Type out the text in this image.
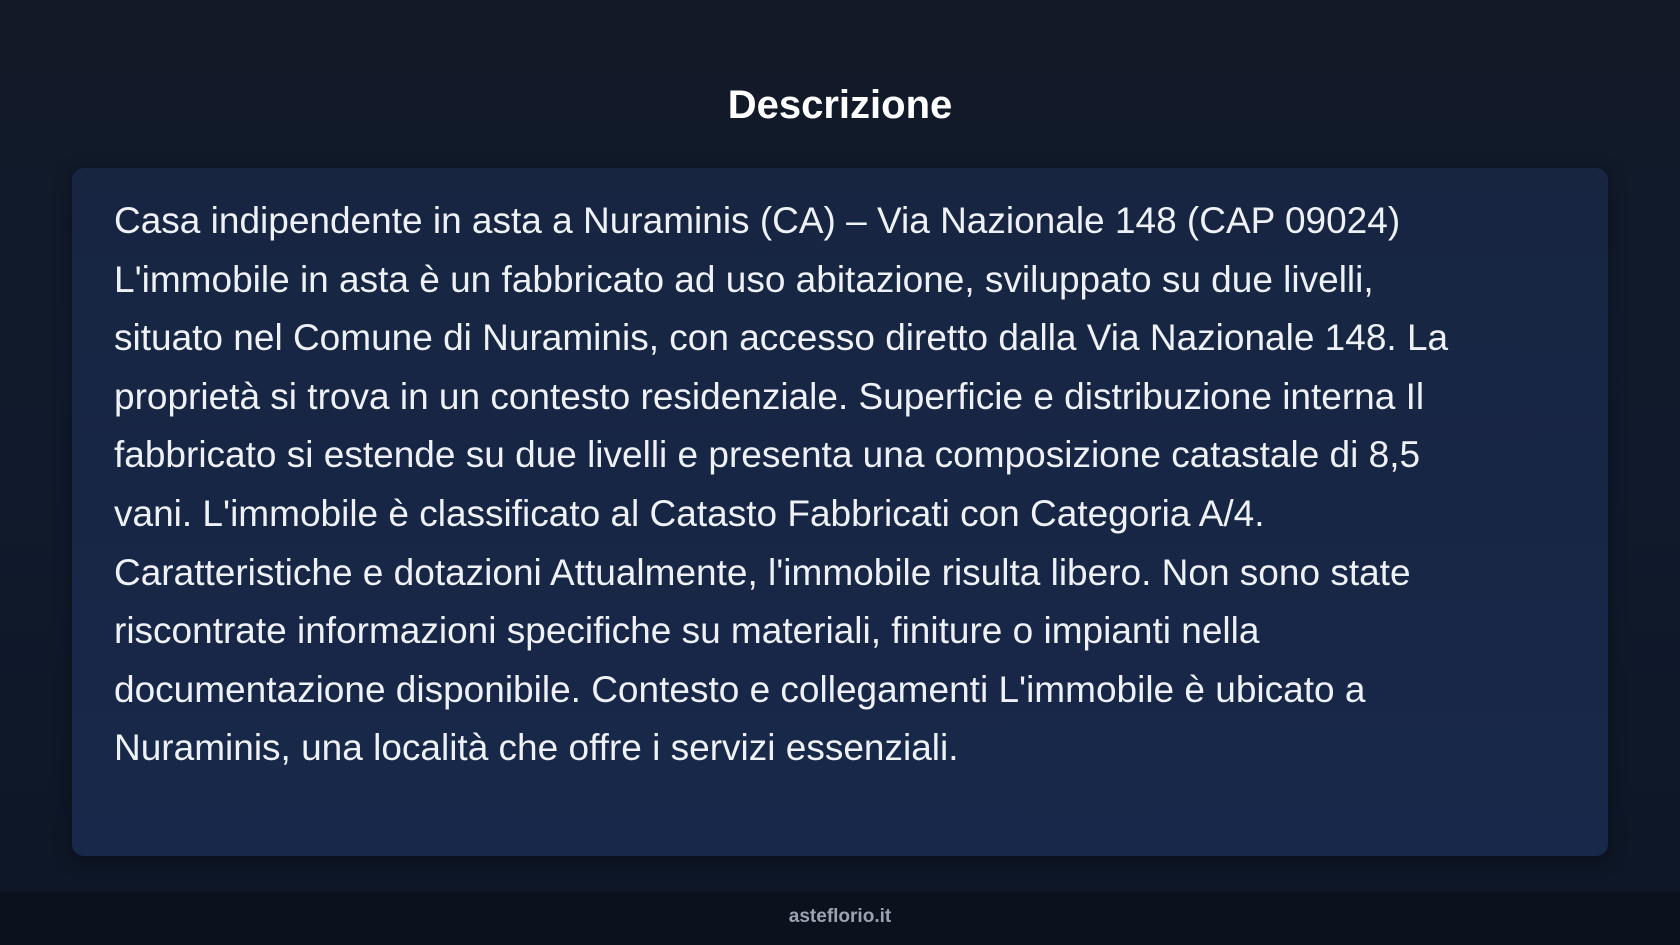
Descrizione

Casa indipendente in asta a Nuraminis (CA) – Via Nazionale 148 (CAP 09024)
L'immobile in asta è un fabbricato ad uso abitazione, sviluppato su due livelli,
situato nel Comune di Nuraminis, con accesso diretto dalla Via Nazionale 148. La
proprietà si trova in un contesto residenziale. Superficie e distribuzione interna Il
fabbricato si estende su due livelli e presenta una composizione catastale di 8,5
vani. L'immobile è classificato al Catasto Fabbricati con Categoria A/4.
Caratteristiche e dotazioni Attualmente, l'immobile risulta libero. Non sono state
riscontrate informazioni specifiche su materiali, finiture o impianti nella
documentazione disponibile. Contesto e collegamenti L'immobile è ubicato a
Nuraminis, una località che offre i servizi essenziali.

asteflorio.it
